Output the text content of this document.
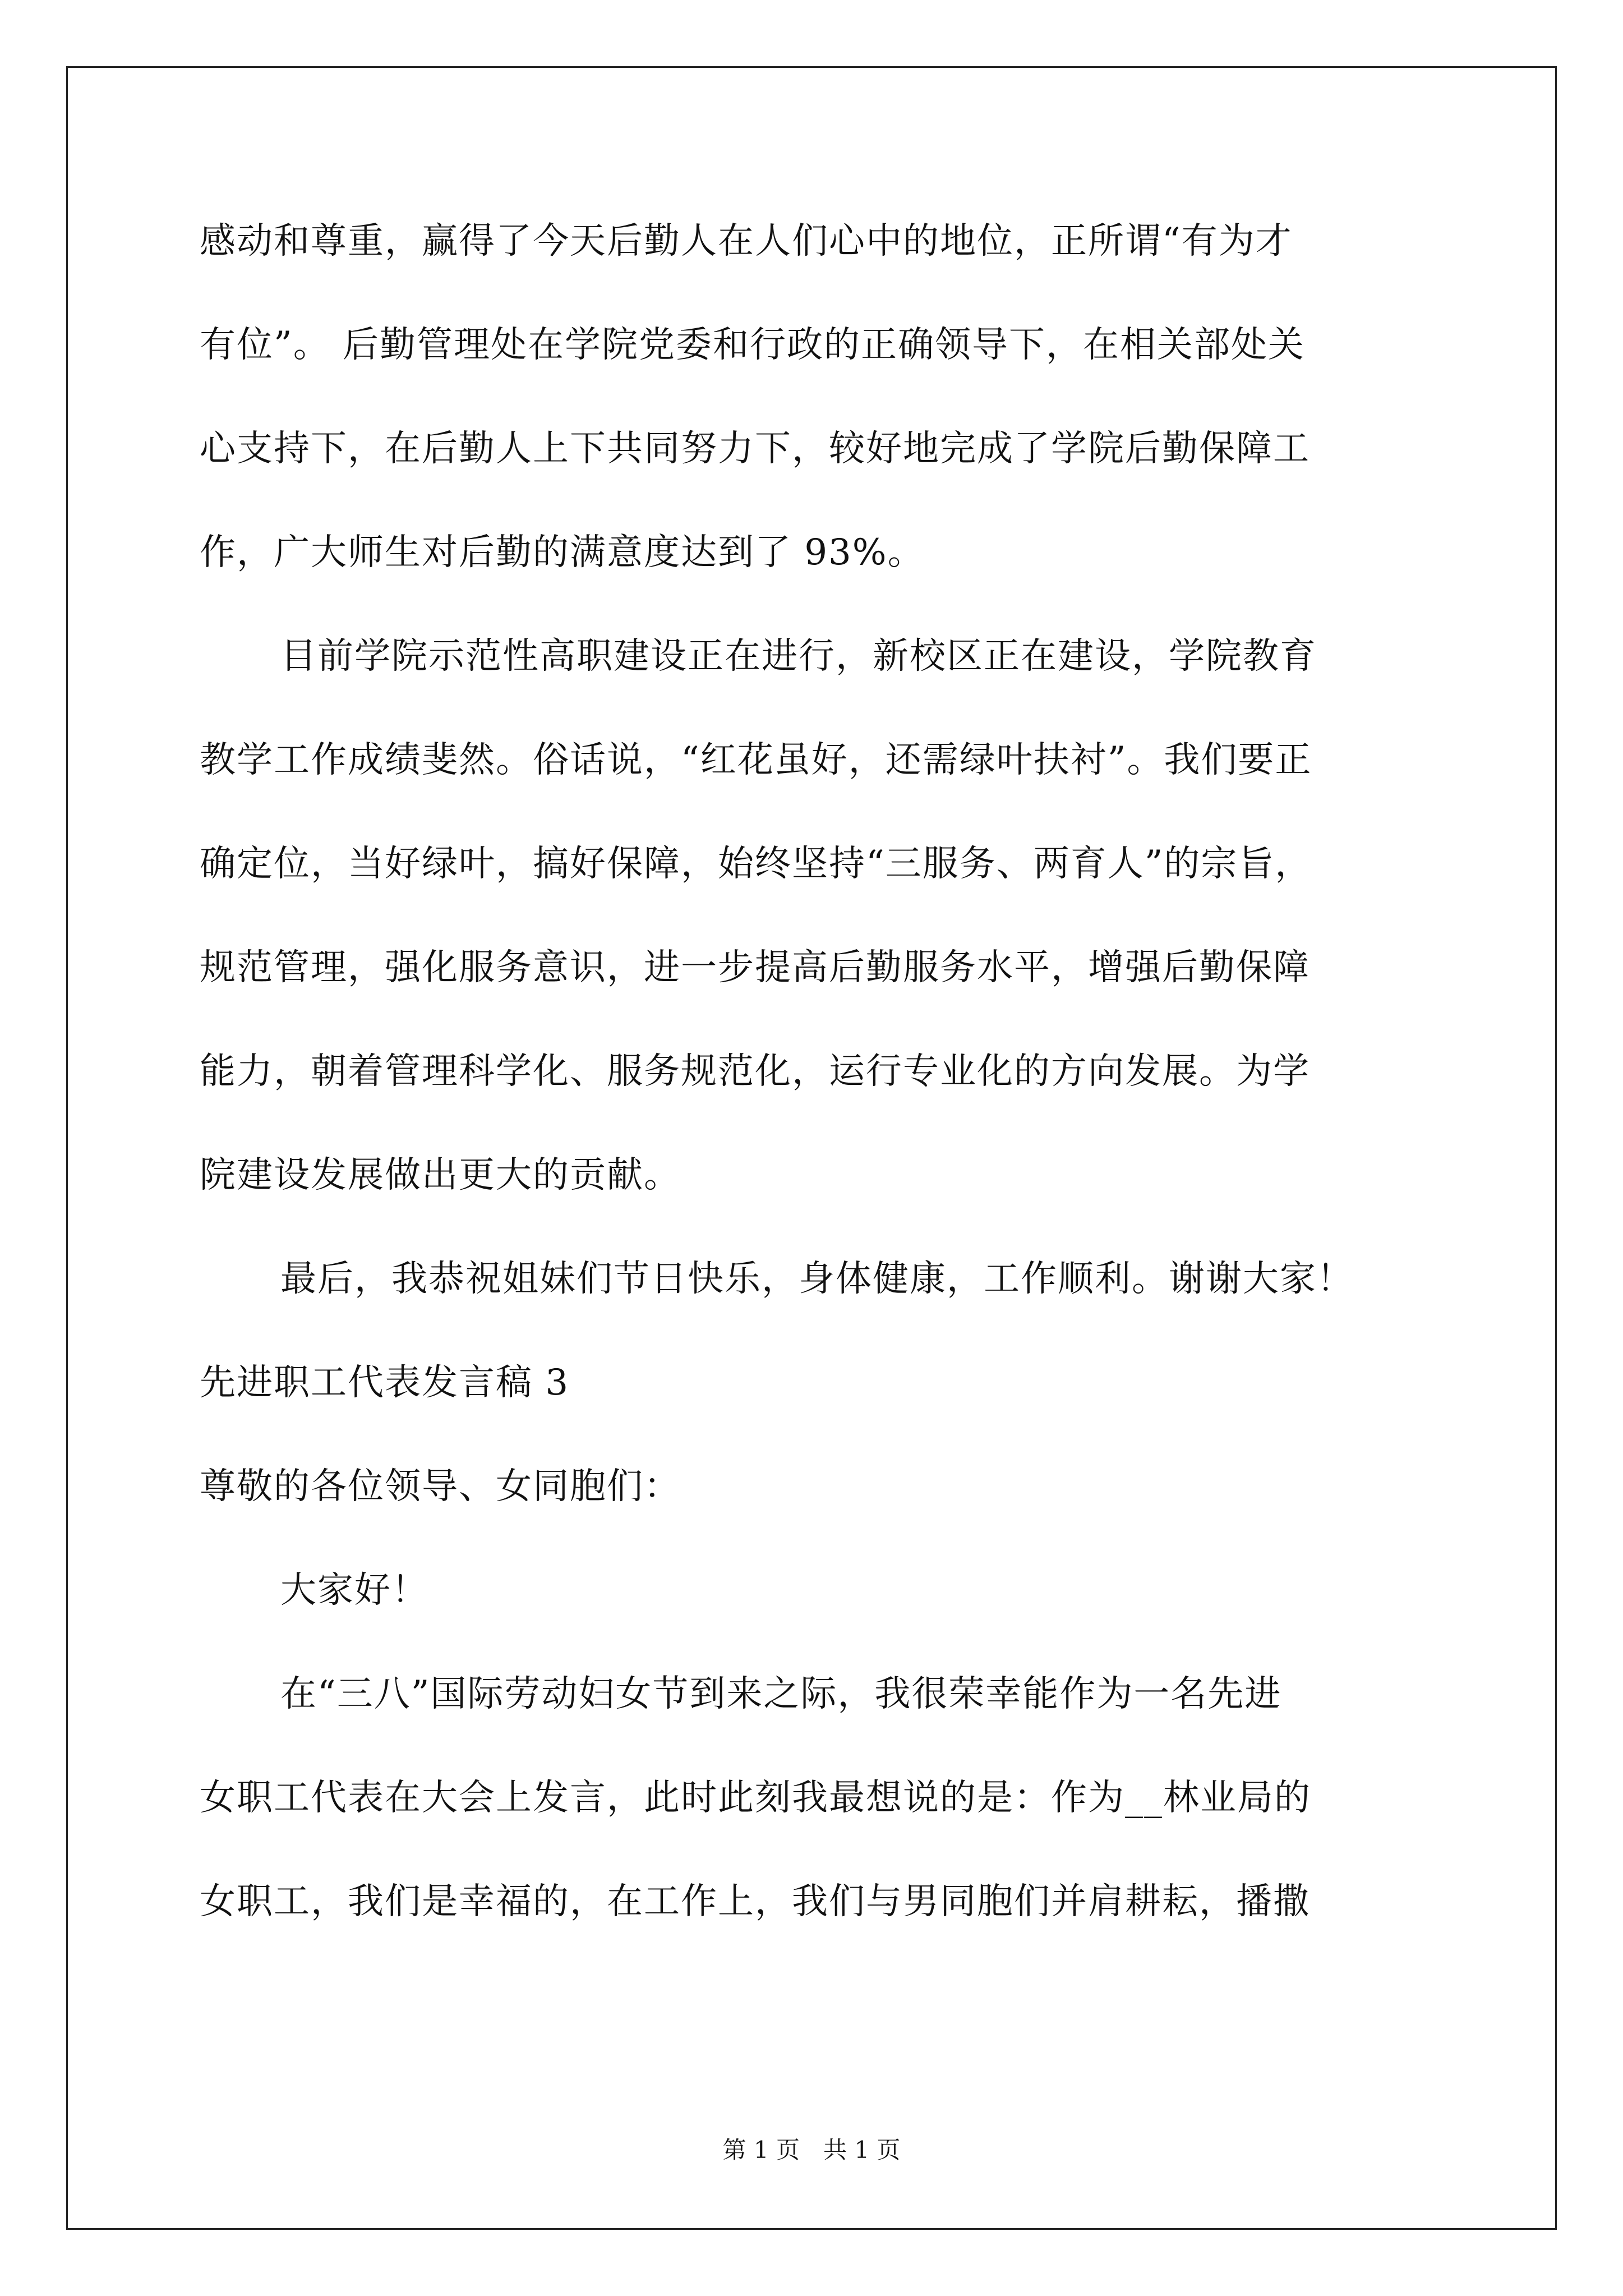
感动和尊重，赢得了今天后勤人在人们心中的地位，正所谓“有为才
有位”。 后勤管理处在学院党委和行政的正确领导下，在相关部处关
心支持下，在后勤人上下共同努力下，较好地完成了学院后勤保障工
作，广大师生对后勤的满意度达到了 93%。
目前学院示范性高职建设正在进行，新校区正在建设，学院教育
教学工作成绩斐然。俗话说，“红花虽好，还需绿叶扶衬”。我们要正
确定位，当好绿叶，搞好保障，始终坚持“三服务、两育人”的宗旨，
规范管理，强化服务意识，进一步提高后勤服务水平，增强后勤保障
能力，朝着管理科学化、服务规范化，运行专业化的方向发展。为学
院建设发展做出更大的贡献。
最后，我恭祝姐妹们节日快乐，身体健康，工作顺利。谢谢大家！
先进职工代表发言稿 3
尊敬的各位领导、女同胞们：
大家好！
在“三八”国际劳动妇女节到来之际，我很荣幸能作为一名先进
女职工代表在大会上发言，此时此刻我最想说的是：作为__林业局的
女职工，我们是幸福的，在工作上，我们与男同胞们并肩耕耘，播撒
第 1 页　共 1 页
